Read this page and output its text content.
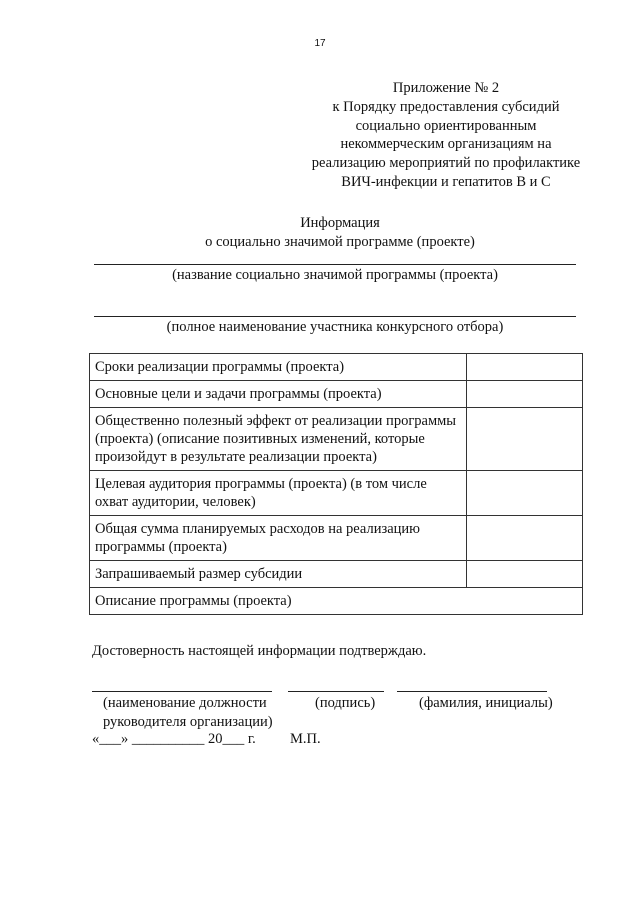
17
Приложение № 2
к Порядку предоставления субсидий
социально ориентированным
некоммерческим организациям на
реализацию мероприятий по профилактике
ВИЧ-инфекции и гепатитов В и С
Информация
о социально значимой программе (проекте)
(название социально значимой программы (проекта)
(полное наименование участника конкурсного отбора)
Сроки реализации программы (проекта)	
Основные цели и задачи программы (проекта)	
Общественно полезный эффект от реализации программы (проекта) (описание позитивных изменений, которые произойдут в результате реализации проекта)	
Целевая аудитория программы (проекта) (в том числе охват аудитории, человек)	
Общая сумма планируемых расходов на реализацию программы (проекта)	
Запрашиваемый размер субсидии	
Описание программы (проекта)	
Достоверность настоящей информации подтверждаю.
(наименование должности
руководителя организации)
(подпись)	(фамилия, инициалы)
«___» __________ 20___ г. М.П.
